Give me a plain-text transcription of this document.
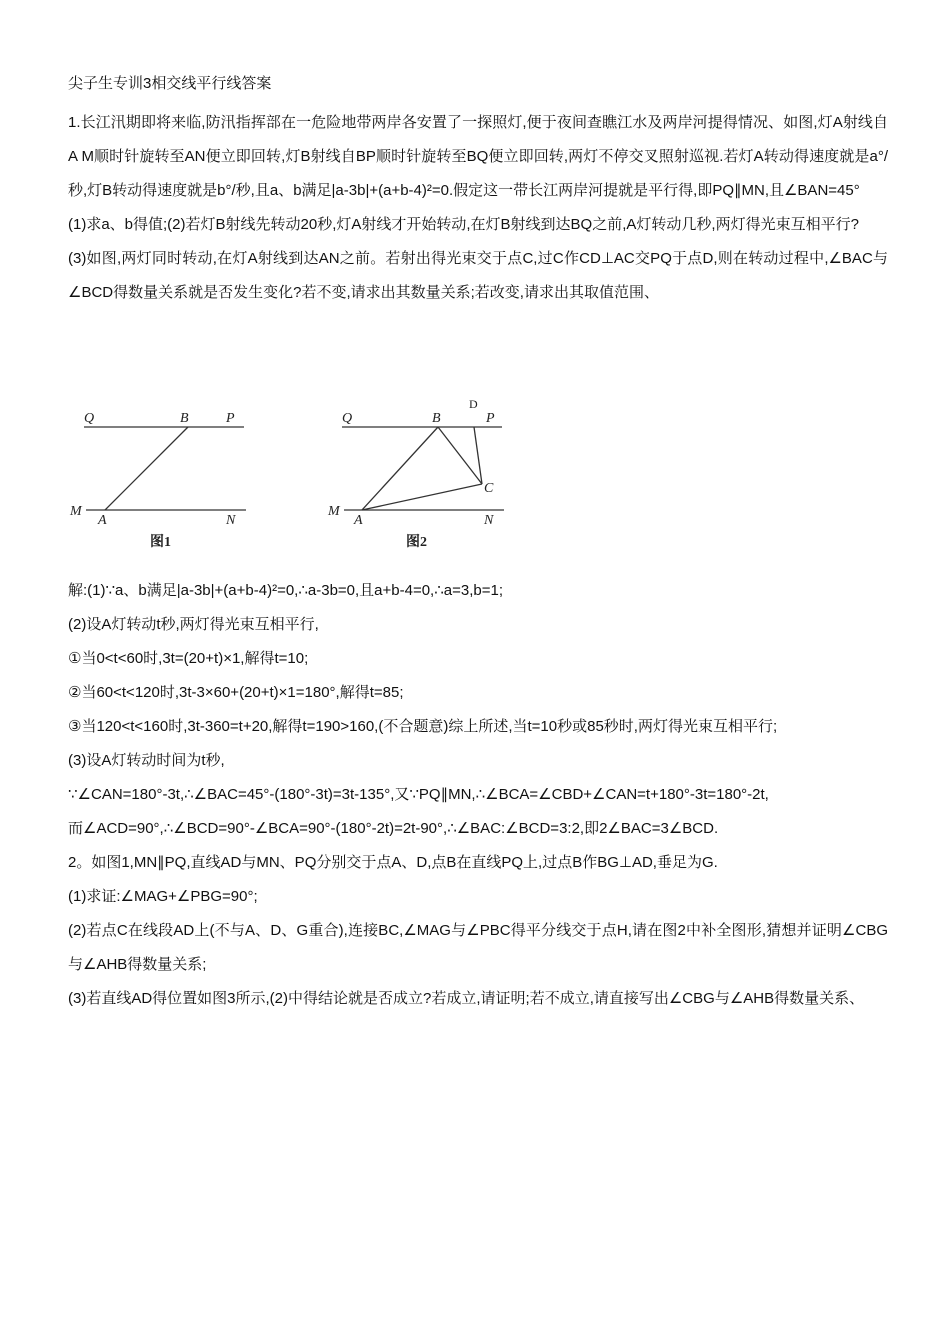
尖子生专训3相交线平行线答案

1.长江汛期即将来临,防汛指挥部在一危险地带两岸各安置了一探照灯,便于夜间查瞧江水及两岸河提得情况、如图,灯A射线自A M顺时针旋转至AN便立即回转,灯B射线自BP顺时针旋转至BQ便立即回转,两灯不停交叉照射巡视.若灯A转动得速度就是a°/秒,灯B转动得速度就是b°/秒,且a、b满足|a-3b|+(a+b-4)²=0.假定这一带长江两岸河提就是平行得,即PQ∥MN,且∠BAN=45°

(1)求a、b得值;(2)若灯B射线先转动20秒,灯A射线才开始转动,在灯B射线到达BQ之前,A灯转动几秒,两灯得光束互相平行?

(3)如图,两灯同时转动,在灯A射线到达AN之前。若射出得光束交于点C,过C作CD⊥AC交PQ于点D,则在转动过程中,∠BAC与∠BCD得数量关系就是否发生变化?若不变,请求出其数量关系;若改变,请求出其取值范围、

Q	B	P
M
A	N
图1
Q	B	P
D
C
M
A	N
图2

解:(1)∵a、b满足|a-3b|+(a+b-4)²=0,∴a-3b=0,且a+b-4=0,∴a=3,b=1;

(2)设A灯转动t秒,两灯得光束互相平行,

①当0<t<60时,3t=(20+t)×1,解得t=10;

②当60<t<120时,3t-3×60+(20+t)×1=180°,解得t=85;

③当120<t<160时,3t-360=t+20,解得t=190>160,(不合题意)综上所述,当t=10秒或85秒时,两灯得光束互相平行;

(3)设A灯转动时间为t秒,

∵∠CAN=180°-3t,∴∠BAC=45°-(180°-3t)=3t-135°,又∵PQ∥MN,∴∠BCA=∠CBD+∠CAN=t+180°-3t=180°-2t,

而∠ACD=90°,∴∠BCD=90°-∠BCA=90°-(180°-2t)=2t-90°,∴∠BAC:∠BCD=3:2,即2∠BAC=3∠BCD.

2。如图1,MN∥PQ,直线AD与MN、PQ分别交于点A、D,点B在直线PQ上,过点B作BG⊥AD,垂足为G.

(1)求证:∠MAG+∠PBG=90°;

(2)若点C在线段AD上(不与A、D、G重合),连接BC,∠MAG与∠PBC得平分线交于点H,请在图2中补全图形,猜想并证明∠CBG与∠AHB得数量关系;

(3)若直线AD得位置如图3所示,(2)中得结论就是否成立?若成立,请证明;若不成立,请直接写出∠CBG与∠AHB得数量关系、
